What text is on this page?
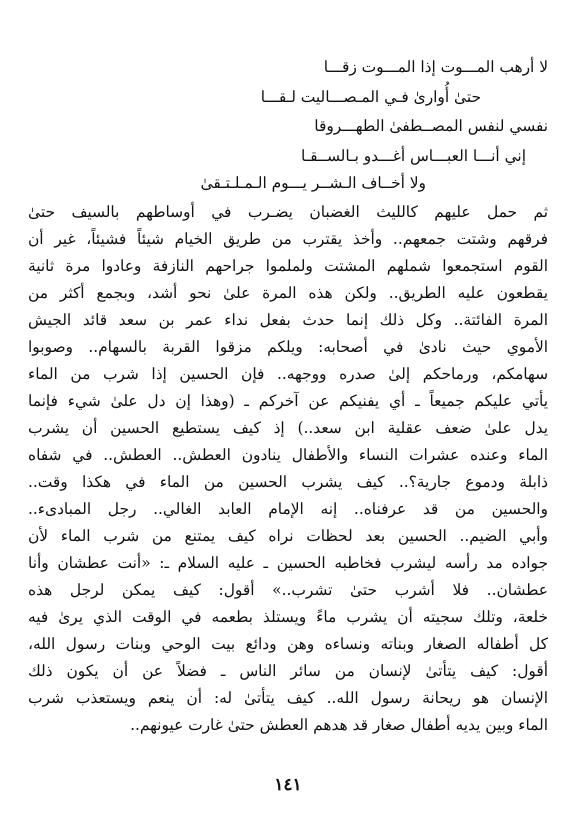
لا أرهب المـــوت إذا المـــوت زقـــا
حتىٰ أُوارىٰ فـي المـصـــاليت لـقـــا
نفسي لنفس المصــطفىٰ الطهـــروقا
إني أنـــا العبـــاس أغـــدو بـالســقـا
ولا أخــاف الـشــر يـــوم الـمـلـتـقىٰ
ثم حمل عليهم كالليث الغضبان يضـرب في أوساطهم بالسيف حتىٰ
فرقهم وشتت جمعهم.. وأخذ يقترب من طريق الخيام شيئاً فشيئاً، غير أن
القوم استجمعوا شملهم المشتت ولملموا جراحهم النازفة وعادوا مرة ثانية
يقطعون عليه الطريق.. ولكن هذه المرة علىٰ نحو أشد، وبجمع أكثر من
المرة الفائتة.. وكل ذلك إنما حدث بفعل نداء عمر بن سعد قائد الجيش
الأموي حيث نادىٰ في أصحابه: ويلكم مزقوا القربة بالسهام.. وصوبوا
سهامكم، ورماحكم إلىٰ صدره ووجهه.. فإن الحسين إذا شرب من الماء
يأتي عليكم جميعاً ـ أي يفنيكم عن آخركم ـ (وهذا إن دل علىٰ شيء فإنما
يدل علىٰ ضعف عقلية ابن سعد..) إذ كيف يستطيع الحسين أن يشرب
الماء وعنده عشرات النساء والأطفال ينادون العطش.. العطش.. في شفاه
ذابلة ودموع جارية؟.. كيف يشرب الحسين من الماء في هكذا وقت..
والحسين من قد عرفناه.. إنه الإمام العابد الغالي.. رجل المبادىء..
وأبي الضيم.. الحسين بعد لحظات نراه كيف يمتنع من شرب الماء لأن
جواده مد رأسه ليشرب فخاطبه الحسين ـ عليه السلام ـ: «أنت عطشان وأنا
عطشان.. فلا أشرب حتىٰ تشرب..» أقول: كيف يمكن لرجل هذه
خلعة، وتلك سجيته أن يشرب ماءً ويستلذ بطعمه في الوقت الذي يرىٰ فيه
كل أطفاله الصغار وبناته ونساءه وهن ودائع بيت الوحي وبنات رسول الله،
أقول: كيف يتأتىٰ لإنسان من سائر الناس ـ فضلاً عن أن يكون ذلك
الإنسان هو ريحانة رسول الله.. كيف يتأتىٰ له: أن ينعم ويستعذب شرب
الماء وبين يديه أطفال صغار قد هدهم العطش حتىٰ غارت عيونهم..
١٤١
